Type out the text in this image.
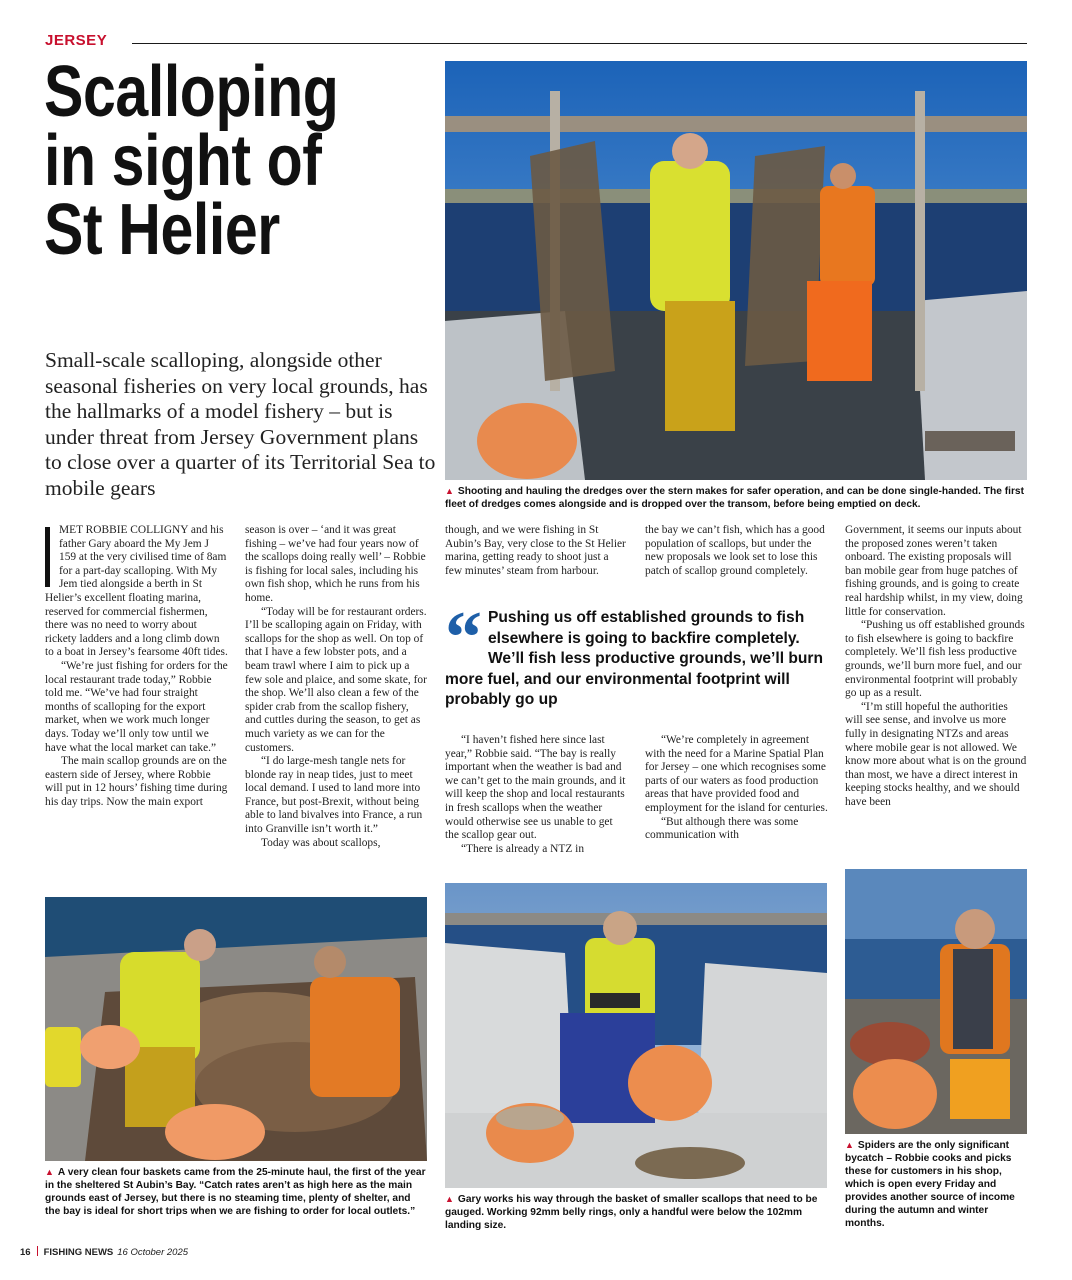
JERSEY
Scalloping
in sight of
St Helier
Small-scale scalloping, alongside other seasonal fisheries on very local grounds, has the hallmarks of a model fishery – but is under threat from Jersey Government plans to close over a quarter of its Territorial Sea to mobile gears	▲ Shooting and hauling the dredges over the stern makes for safer operation, and can be done single-handed. The first fleet of dredges comes alongside and is dropped over the transom, before being emptied on deck.

MET ROBBIE COLLIGNY and his father Gary aboard the My Jem J 159 at the very civilised time of 8am for a part-day scalloping. With My Jem tied alongside a berth in St Helier’s excellent floating marina, reserved for commercial fishermen, there was no need to worry about rickety ladders and a long climb down to a boat in Jersey’s fearsome 40ft tides.

“We’re just fishing for orders for the local restaurant trade today,” Robbie told me. “We’ve had four straight months of scalloping for the export market, when we work much longer days. Today we’ll only tow until we have what the local market can take.”

The main scallop grounds are on the eastern side of Jersey, where Robbie will put in 12 hours’ fishing time during his day trips. Now the main export

season is over – ‘and it was great fishing – we’ve had four years now of the scallops doing really well’ – Robbie is fishing for local sales, including his own fish shop, which he runs from his home.

“Today will be for restaurant orders. I’ll be scalloping again on Friday, with scallops for the shop as well. On top of that I have a few lobster pots, and a beam trawl where I aim to pick up a few sole and plaice, and some skate, for the shop. We’ll also clean a few of the spider crab from the scallop fishery, and cuttles during the season, to get as much variety as we can for the customers.

“I do large-mesh tangle nets for blonde ray in neap tides, just to meet local demand. I used to land more into France, but post-Brexit, without being able to land bivalves into France, a run into Granville isn’t worth it.”

Today was about scallops,

though, and we were fishing in St Aubin’s Bay, very close to the St Helier marina, getting ready to shoot just a few minutes’ steam from harbour.

the bay we can’t fish, which has a good population of scallops, but under the new proposals we look set to lose this patch of scallop ground completely.

“ Pushing us off established grounds to fish elsewhere is going to backfire completely. We’ll fish less productive grounds, we’ll burn more fuel, and our environmental footprint will probably go up

“I haven’t fished here since last year,” Robbie said. “The bay is really important when the weather is bad and we can’t get to the main grounds, and it will keep the shop and local restaurants in fresh scallops when the weather would otherwise see us unable to get the scallop gear out.

“There is already a NTZ in

“We’re completely in agreement with the need for a Marine Spatial Plan for Jersey – one which recognises some parts of our waters as food production areas that have provided food and employment for the island for centuries.

“But although there was some communication with

Government, it seems our inputs about the proposed zones weren’t taken onboard. The existing proposals will ban mobile gear from huge patches of fishing grounds, and is going to create real hardship whilst, in my view, doing little for conservation.

“Pushing us off established grounds to fish elsewhere is going to backfire completely. We’ll fish less productive grounds, we’ll burn more fuel, and our environmental footprint will probably go up as a result.

“I’m still hopeful the authorities will see sense, and involve us more fully in designating NTZs and areas where mobile gear is not allowed. We know more about what is on the ground than most, we have a direct interest in keeping stocks healthy, and we should have been

▲ A very clean four baskets came from the 25-minute haul, the first of the year in the sheltered St Aubin’s Bay. “Catch rates aren’t as high here as the main grounds east of Jersey, but there is no steaming time, plenty of shelter, and the bay is ideal for short trips when we are fishing to order for local outlets.”
▲ Gary works his way through the basket of smaller scallops that need to be gauged. Working 92mm belly rings, only a handful were below the 102mm landing size.
▲ Spiders are the only significant bycatch – Robbie cooks and picks these for customers in his shop, which is open every Friday and provides another source of income during the autumn and winter months.
16 FISHING NEWS 16 October 2025
